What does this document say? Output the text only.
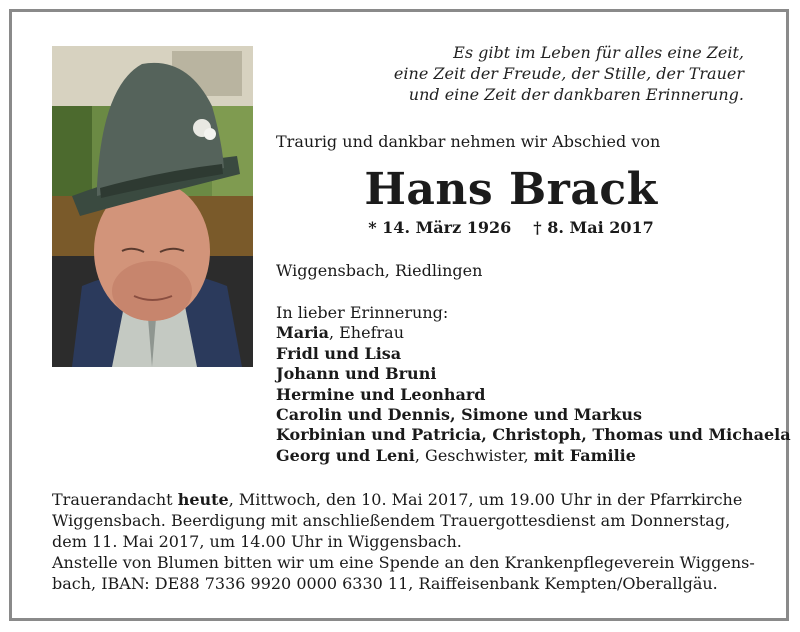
Es gibt im Leben für alles eine Zeit,
eine Zeit der Freude, der Stille, der Trauer
und eine Zeit der dankbaren Erinnerung.
Traurig und dankbar nehmen wir Abschied von
Hans Brack
* 14. März 1926 † 8. Mai 2017
Wiggensbach, Riedlingen
In lieber Erinnerung:
Maria, Ehefrau
Fridl und Lisa
Johann und Bruni
Hermine und Leonhard
Carolin und Dennis, Simone und Markus
Korbinian und Patricia, Christoph, Thomas und Michaela
Georg und Leni, Geschwister, mit Familie
Trauerandacht heute, Mittwoch, den 10. Mai 2017, um 19.00 Uhr in der Pfarrkirche
Wiggensbach. Beerdigung mit anschließendem Trauergottesdienst am Donnerstag,
dem 11. Mai 2017, um 14.00 Uhr in Wiggensbach.
Anstelle von Blumen bitten wir um eine Spende an den Krankenpflegeverein Wiggens-
bach, IBAN: DE88 7336 9920 0000 6330 11, Raiffeisenbank Kempten/Oberallgäu.
